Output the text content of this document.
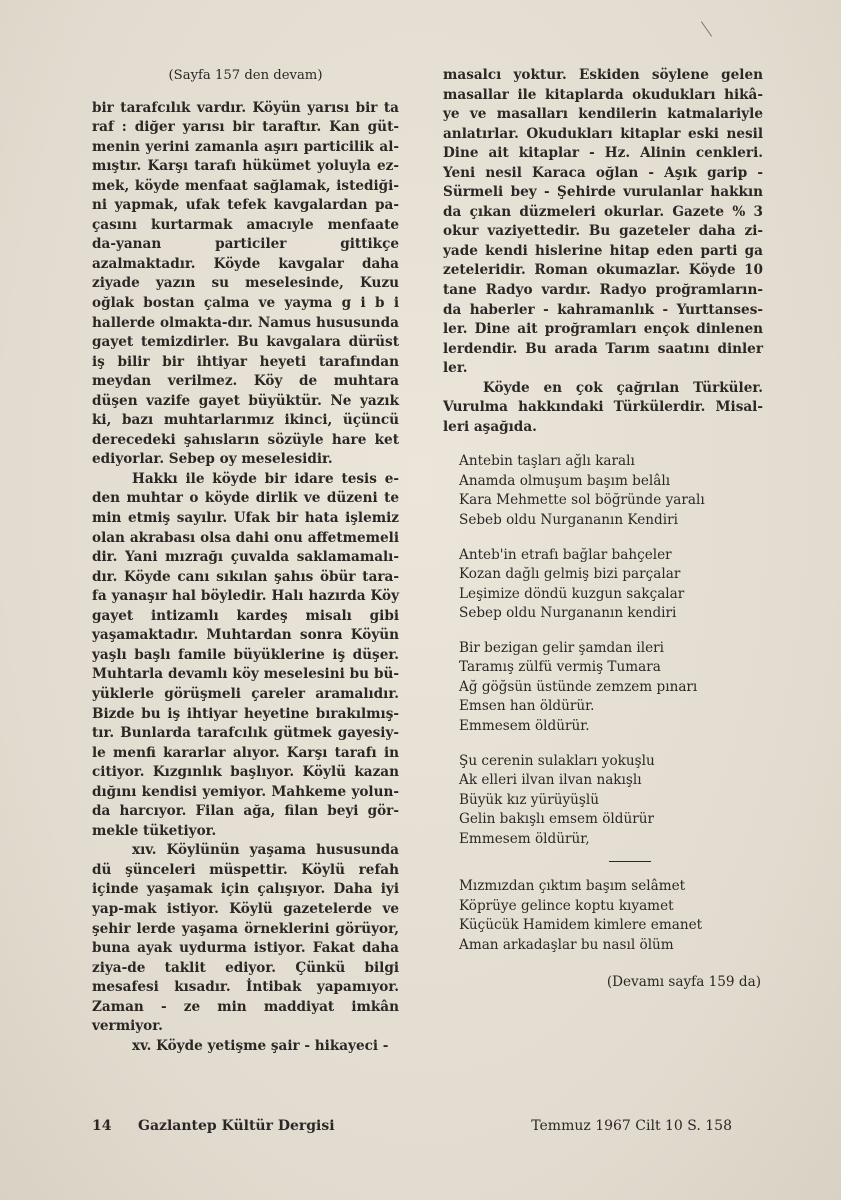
(Sayfa 157 den devam)

bir tarafcılık vardır. Köyün yarısı bir ta raf : diğer yarısı bir taraftır. Kan güt-menin yerini zamanla aşırı particilik al-mıştır. Karşı tarafı hükümet yoluyla ez-mek, köyde menfaat sağlamak, istediği-ni yapmak, ufak tefek kavgalardan pa-çasını kurtarmak amacıyle menfaate da-yanan particiler gittikçe azalmaktadır. Köyde kavgalar daha ziyade yazın su meselesinde, Kuzu oğlak bostan çalma ve yayma g i b i hallerde olmakta-dır. Namus hususunda gayet temizdirler. Bu kavgalara dürüst iş bilir bir ihtiyar heyeti tarafından meydan verilmez. Köy de muhtara düşen vazife gayet büyüktür. Ne yazık ki, bazı muhtarlarımız ikinci, üçüncü derecedeki şahısların sözüyle hare ket ediyorlar. Sebep oy meselesidir.

Hakkı ile köyde bir idare tesis e-den muhtar o köyde dirlik ve düzeni te min etmiş sayılır. Ufak bir hata işlemiz olan akrabası olsa dahi onu affetmemeli dir. Yani mızrağı çuvalda saklamamalı-dır. Köyde canı sıkılan şahıs öbür tara-fa yanaşır hal böyledir. Halı hazırda Köy gayet intizamlı kardeş misalı gibi yaşamaktadır. Muhtardan sonra Köyün yaşlı başlı famile büyüklerine iş düşer. Muhtarla devamlı köy meselesini bu bü-yüklerle görüşmeli çareler aramalıdır. Bizde bu iş ihtiyar heyetine bırakılmış-tır. Bunlarda tarafcılık gütmek gayesiy-le menfi kararlar alıyor. Karşı tarafı in citiyor. Kızgınlık başlıyor. Köylü kazan dığını kendisi yemiyor. Mahkeme yolun-da harcıyor. Filan ağa, filan beyi gör-mekle tüketiyor.

xıv. Köylünün yaşama hususunda dü şünceleri müspettir. Köylü refah içinde yaşamak için çalışıyor. Daha iyi yap-mak istiyor. Köylü gazetelerde ve şehir lerde yaşama örneklerini görüyor, buna ayak uydurma istiyor. Fakat daha ziya-de taklit ediyor. Çünkü bilgi mesafesi kısadır. İntibak yapamıyor. Zaman - ze min maddiyat imkân vermiyor.

xv. Köyde yetişme şair - hikayeci -

masalcı yoktur. Eskiden söylene gelen masallar ile kitaplarda okudukları hikâ-ye ve masalları kendilerin katmalariyle anlatırlar. Okudukları kitaplar eski nesil Dine ait kitaplar - Hz. Alinin cenkleri. Yeni nesil Karaca oğlan - Aşık garip - Sürmeli bey - Şehirde vurulanlar hakkın da çıkan düzmeleri okurlar. Gazete % 3 okur vaziyettedir. Bu gazeteler daha zi-yade kendi hislerine hitap eden parti ga zeteleridir. Roman okumazlar. Köyde 10 tane Radyo vardır. Radyo proğramların-da haberler - kahramanlık - Yurttanses-ler. Dine ait proğramları ençok dinlenen lerdendir. Bu arada Tarım saatını dinler ler.

Köyde en çok çağrılan Türküler. Vurulma hakkındaki Türkülerdir. Misal-leri aşağıda.

Antebin taşları ağlı karalı
Anamda olmuşum başım belâlı
Kara Mehmette sol böğründe yaralı
Sebeb oldu Nurgananın Kendiri
Anteb'in etrafı bağlar bahçeler
Kozan dağlı gelmiş bizi parçalar
Leşimize döndü kuzgun sakçalar
Sebep oldu Nurgananın kendiri
Bir bezigan gelir şamdan ileri
Taramış zülfü vermiş Tumara
Ağ göğsün üstünde zemzem pınarı
Emsen han öldürür.
Emmesem öldürür.
Şu cerenin sulakları yokuşlu
Ak elleri ilvan ilvan nakışlı
Büyük kız yürüyüşlü
Gelin bakışlı emsem öldürür
Emmesem öldürür,
Mızmızdan çıktım başım selâmet
Köprüye gelince koptu kıyamet
Küçücük Hamidem kimlere emanet
Aman arkadaşlar bu nasıl ölüm
(Devamı sayfa 159 da)
14	Gazlantep Kültür Dergisi	Temmuz 1967 Cilt 10 S. 158
